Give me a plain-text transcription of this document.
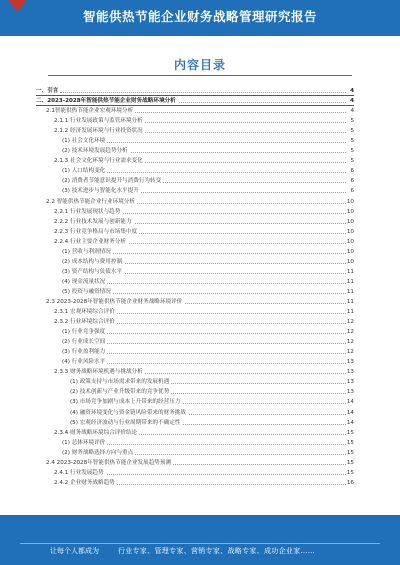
智能供热节能企业财务战略管理研究报告
内容目录
一、引言	4
二、2023-2028年智能供热节能企业财务战略环境分析	4
2.1智能供热节能企业宏观环境分析	4
2.1.1 行业发展政策与监管环境分析	5
2.1.2 经济发展环境与行业投资状况	5
(1) 社会文化环境	5
(2) 技术环境发展趋势分析	5
2.1.3 社会文化环境与行业需求变化	5
(1) 人口结构变化	6
(2) 消费者节能意识提升与消费行为转变	6
(3) 技术进步与智能化水平提升	6
2.2 智能供热节能企业行业环境分析	10
2.2.1 行业发展现状与趋势	10
2.2.2 行业技术发展与创新能力	10
2.2.3 行业竞争格局与市场集中度	10
2.2.4 行业主要企业财务分析	10
(1) 营收与利润情况	10
(2) 成本结构与费用控制	10
(3) 资产结构与负债水平	11
(4) 现金流量状况	11
(5) 投资与融资情况	11
2.3 2023-2028年智能供热节能企业财务战略环境评价	11
2.3.1 宏观环境综合评价	11
2.3.2 行业环境综合评价	12
(1) 行业竞争强度	12
(2) 行业成长空间	12
(3) 行业盈利能力	12
(4) 行业风险水平	13
2.3.3 财务战略环境机遇与挑战分析	13
(1) 政策支持与市场需求带来的发展机遇	13
(2) 技术创新与产业升级带来的竞争优势	13
(3) 市场竞争加剧与成本上升带来的经营压力	14
(4) 融资环境变化与资金链风险带来的财务挑战	14
(5) 宏观经济波动与行业周期带来的不确定性	14
2.3.4 财务战略环境综合评价结论	15
(1) 总体环境评价	15
(2) 财务战略选择方向与重点	15
2.4 2023-2028年智能供热节能企业发展趋势预测	15
2.4.1 行业发展趋势	15
2.4.2 企业财务战略趋势	16
让每个人都成为	行业专家、管理专家、营销专家、战略专家、成功企业家……
